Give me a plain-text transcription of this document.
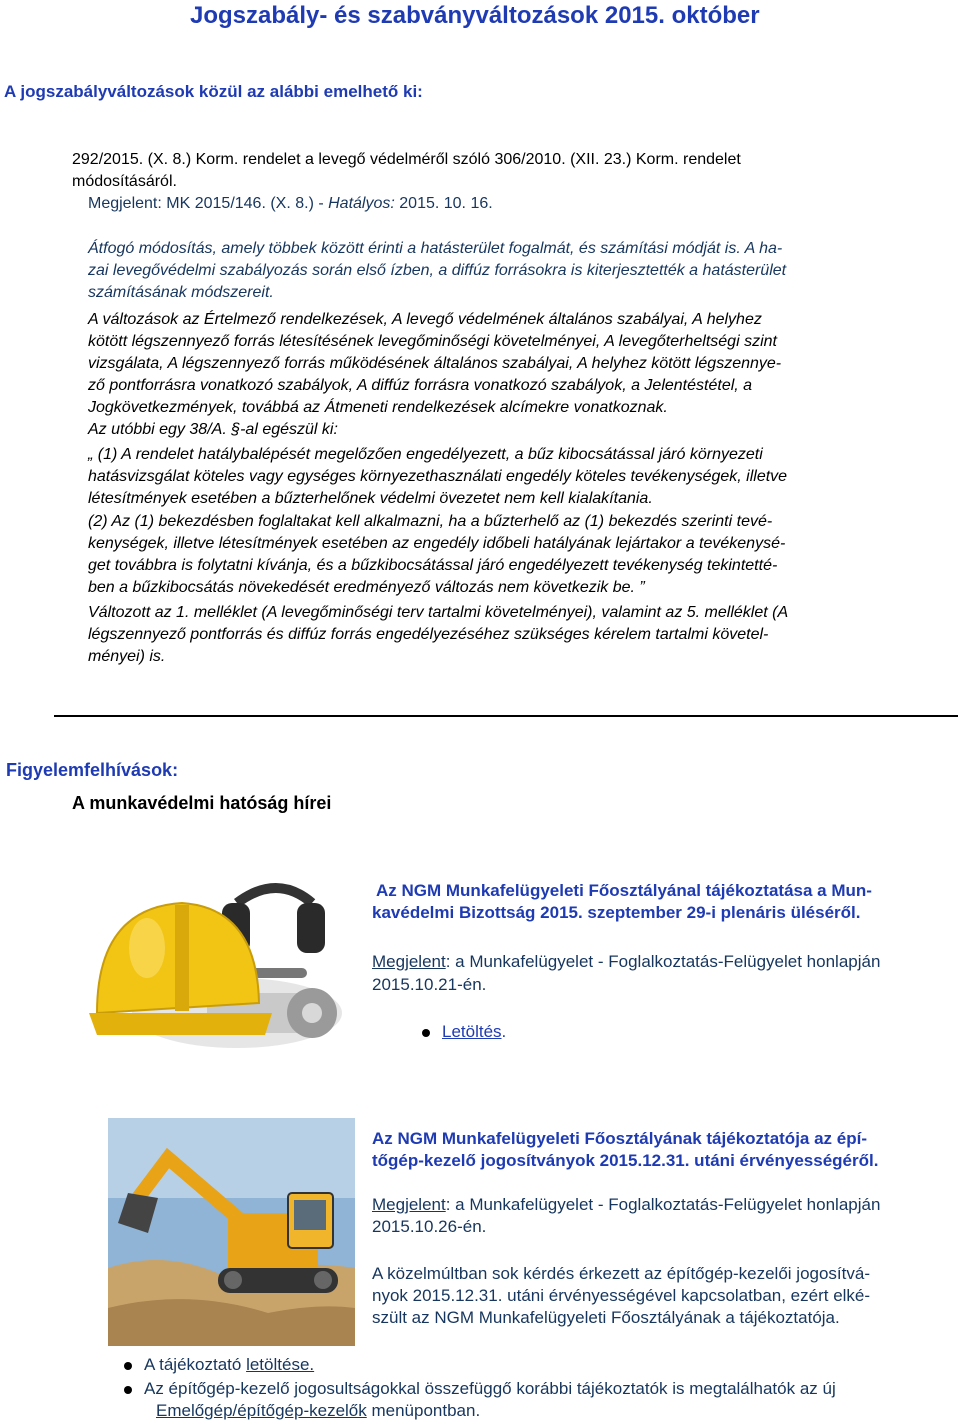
Jogszabály- és szabványváltozások 2015. október
A jogszabályváltozások közül az alábbi emelhető ki:
292/2015. (X. 8.) Korm. rendelet a levegő védelméről szóló 306/2010. (XII. 23.) Korm. rendelet
módosításáról.
Megjelent: MK 2015/146. (X. 8.) - Hatályos: 2015. 10. 16.
Átfogó módosítás, amely többek között érinti a hatásterület fogalmát, és számítási módját is. A ha-
zai levegővédelmi szabályozás során első ízben, a diffúz forrásokra is kiterjesztették a hatásterület
számításának módszereit.
A változások az Értelmező rendelkezések, A levegő védelmének általános szabályai, A helyhez
kötött légszennyező forrás létesítésének levegőminőségi követelményei, A levegőterheltségi szint
vizsgálata, A légszennyező forrás működésének általános szabályai, A helyhez kötött légszennye-
ző pontforrásra vonatkozó szabályok, A diffúz forrásra vonatkozó szabályok, a Jelentéstétel, a
Jogkövetkezmények, továbbá az Átmeneti rendelkezések alcímekre vonatkoznak.
Az utóbbi egy 38/A. §-al egészül ki:
„ (1) A rendelet hatálybalépését megelőzően engedélyezett, a bűz kibocsátással járó környezeti
hatásvizsgálat köteles vagy egységes környezethasználati engedély köteles tevékenységek, illetve
létesítmények esetében a bűzterhelőnek védelmi övezetet nem kell kialakítania.
(2) Az (1) bekezdésben foglaltakat kell alkalmazni, ha a bűzterhelő az (1) bekezdés szerinti tevé-
kenységek, illetve létesítmények esetében az engedély időbeli hatályának lejártakor a tevékenysé-
get továbbra is folytatni kívánja, és a bűzkibocsátással járó engedélyezett tevékenység tekintetté-
ben a bűzkibocsátás növekedését eredményező változás nem következik be. ”
Változott az 1. melléklet (A levegőminőségi terv tartalmi követelményei), valamint az 5. melléklet (A
légszennyező pontforrás és diffúz forrás engedélyezéséhez szükséges kérelem tartalmi követel-
ményei) is.
Figyelemfelhívások:
A munkavédelmi hatóság hírei
Az NGM Munkafelügyeleti Főosztályánal tájékoztatása a Mun-
kavédelmi Bizottság 2015. szeptember 29-i plenáris üléséről.
Megjelent: a Munkafelügyelet - Foglalkoztatás-Felügyelet honlapján
2015.10.21-én.
Letöltés.
Az NGM Munkafelügyeleti Főosztályának tájékoztatója az épí-
tőgép-kezelő jogosítványok 2015.12.31. utáni érvényességéről.
Megjelent: a Munkafelügyelet - Foglalkoztatás-Felügyelet honlapján
2015.10.26-én.
A közelmúltban sok kérdés érkezett az építőgép-kezelői jogosítvá-
nyok 2015.12.31. utáni érvényességével kapcsolatban, ezért elké-
szült az NGM Munkafelügyeleti Főosztályának a tájékoztatója.
A tájékoztató letöltése.
Az építőgép-kezelő jogosultságokkal összefüggő korábbi tájékoztatók is megtalálhatók az új
Emelőgép/építőgép-kezelők menüpontban.
